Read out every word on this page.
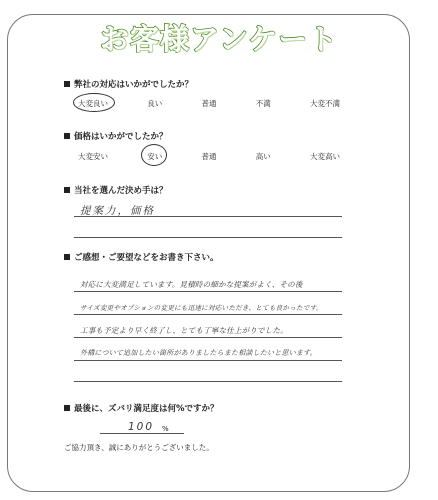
お客様アンケート
弊社の対応はいかがでしたか？
大変良い	良い	普通	不満	大変不満
価格はいかがでしたか？
大変安い	安い	普通	高い	大変高い
当社を選んだ決め手は？
提案力，価格
ご感想・ご要望などをお書き下さい。
対応に大変満足しています。見積時の細かな提案がよく、その後
サイズ変更やオプションの変更にも迅速に対応いただき、とても良かったです。
工事も予定より早く終了し、とても丁寧な仕上がりでした。
外構について追加したい箇所がありましたらまた相談したいと思います。
最後に、ズバリ満足度は何%ですか？
100 %
ご協力頂き、誠にありがとうございました。
